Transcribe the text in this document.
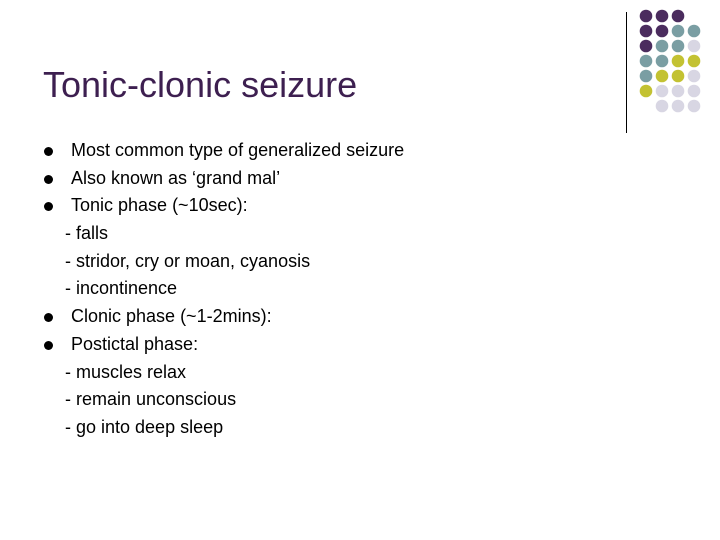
Tonic-clonic seizure
Most common type of generalized seizure
Also known as ‘grand mal’
Tonic phase (~10sec):
- falls
- stridor, cry or moan, cyanosis
- incontinence
Clonic phase (~1-2mins):
Postictal phase:
- muscles relax
- remain unconscious
- go into deep sleep
